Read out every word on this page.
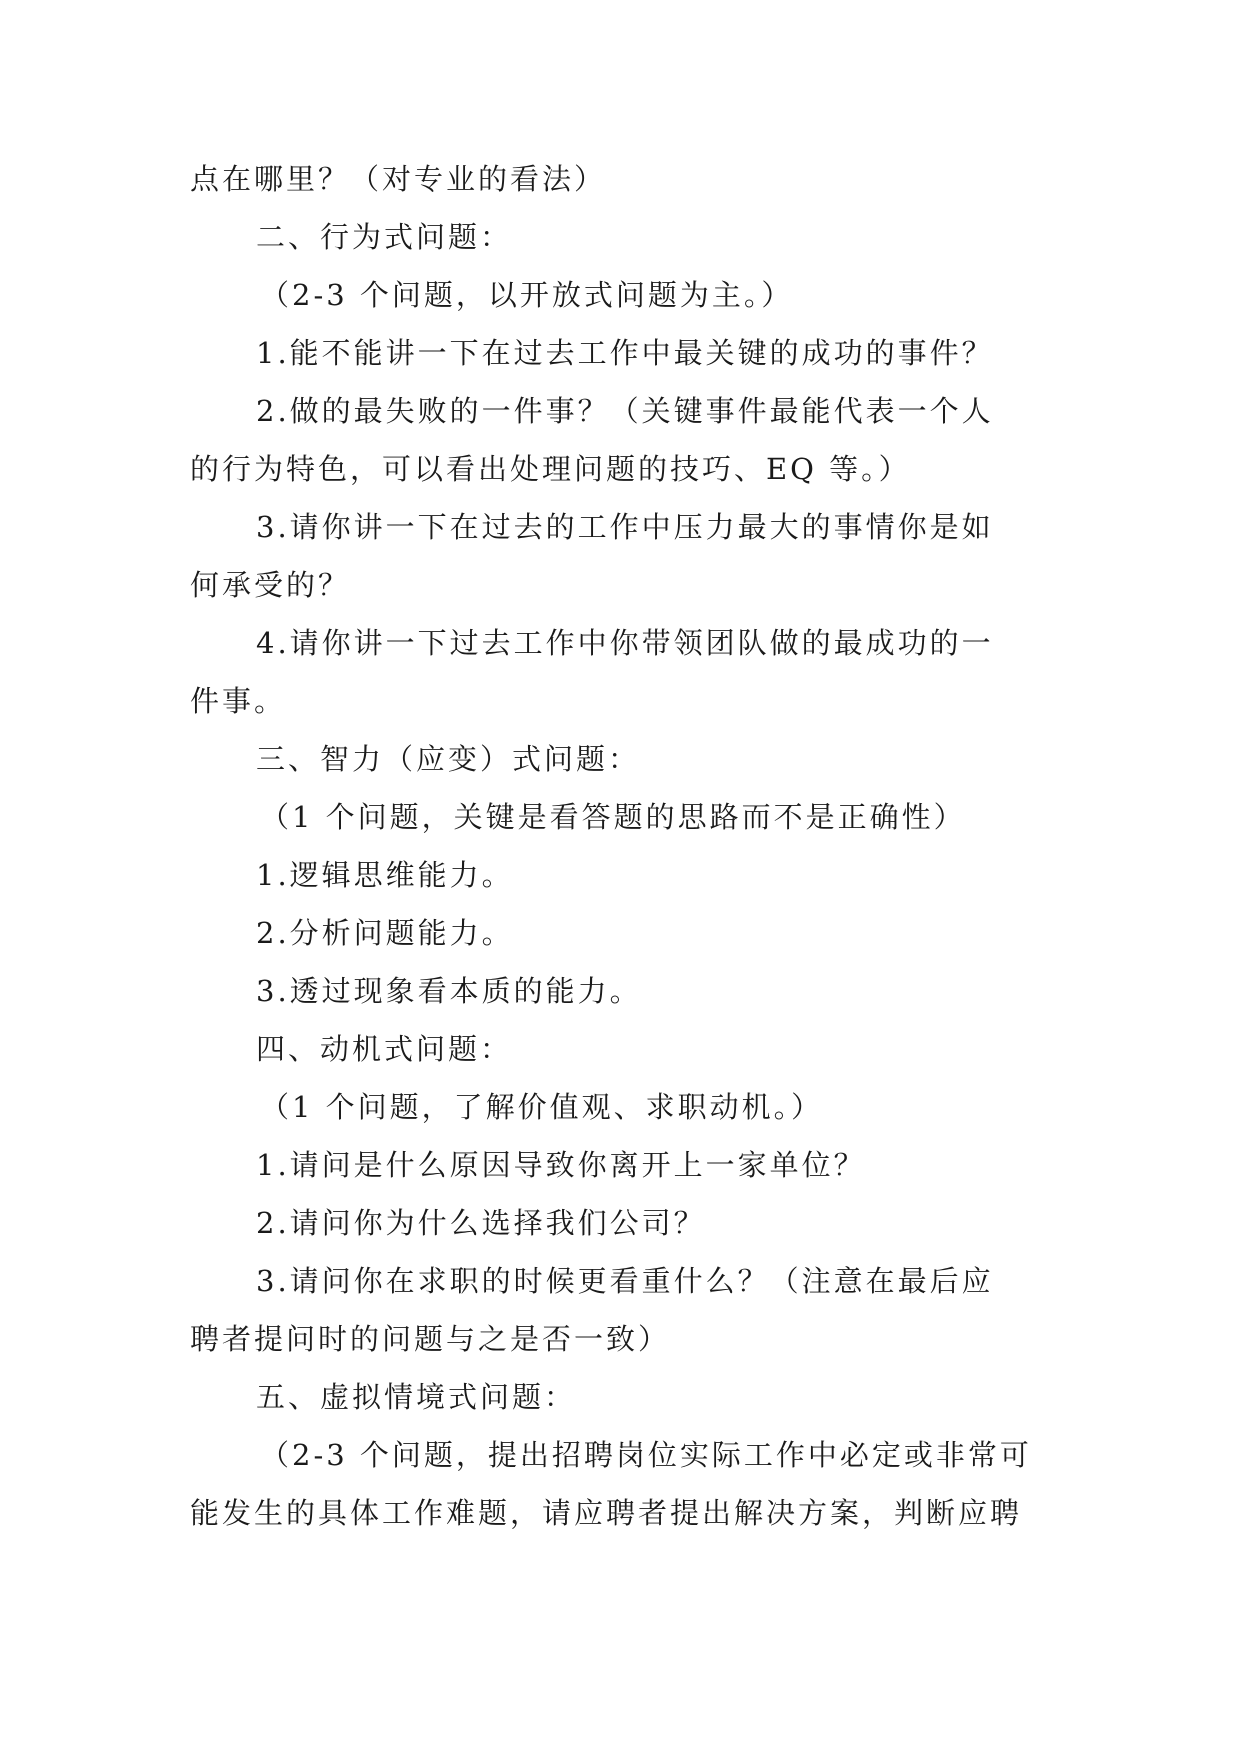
点在哪里？（对专业的看法）
二、行为式问题：
（2-3 个问题，以开放式问题为主。）
1.能不能讲一下在过去工作中最关键的成功的事件？
2.做的最失败的一件事？（关键事件最能代表一个人
的行为特色，可以看出处理问题的技巧、EQ 等。）
3.请你讲一下在过去的工作中压力最大的事情你是如
何承受的？
4.请你讲一下过去工作中你带领团队做的最成功的一
件事。
三、智力（应变）式问题：
（1 个问题，关键是看答题的思路而不是正确性）
1.逻辑思维能力。
2.分析问题能力。
3.透过现象看本质的能力。
四、动机式问题：
（1 个问题，了解价值观、求职动机。）
1.请问是什么原因导致你离开上一家单位？
2.请问你为什么选择我们公司？
3.请问你在求职的时候更看重什么？（注意在最后应
聘者提问时的问题与之是否一致）
五、虚拟情境式问题：
（2-3 个问题，提出招聘岗位实际工作中必定或非常可
能发生的具体工作难题，请应聘者提出解决方案，判断应聘
